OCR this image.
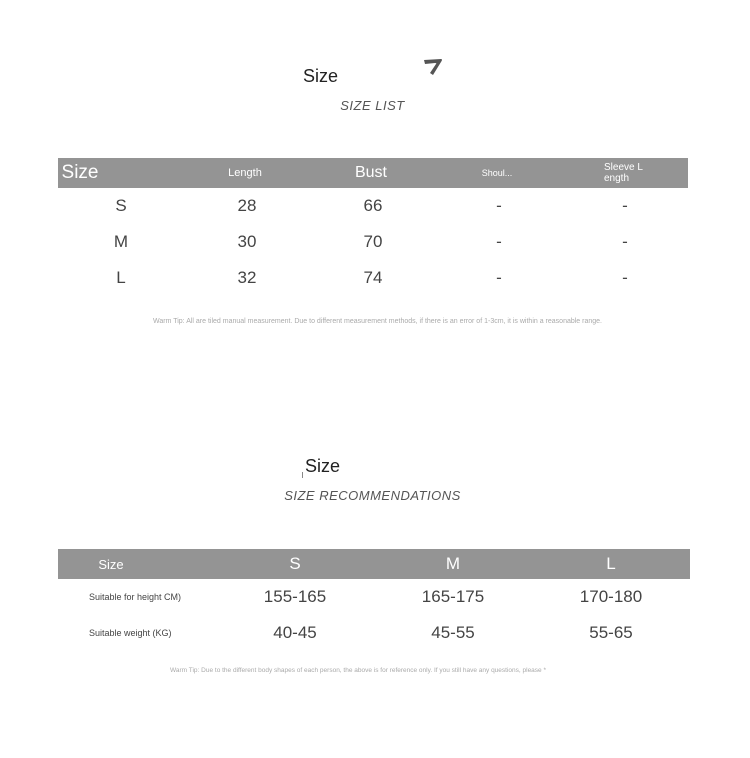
Size
SIZE LIST
Size	Length	Bust	Shoul...	Sleeve L ength
S	28	66	-	-
M	30	70	-	-
L	32	74	-	-
Warm Tip: All are tiled manual measurement. Due to different measurement methods, if there is an error of 1-3cm, it is within a reasonable range.
Size
SIZE RECOMMENDATIONS
Size	S	M	L
Suitable for height CM)	155-165	165-175	170-180
Suitable weight (KG)	40-45	45-55	55-65
Warm Tip: Due to the different body shapes of each person, the above is for reference only. If you still have any questions, please *
